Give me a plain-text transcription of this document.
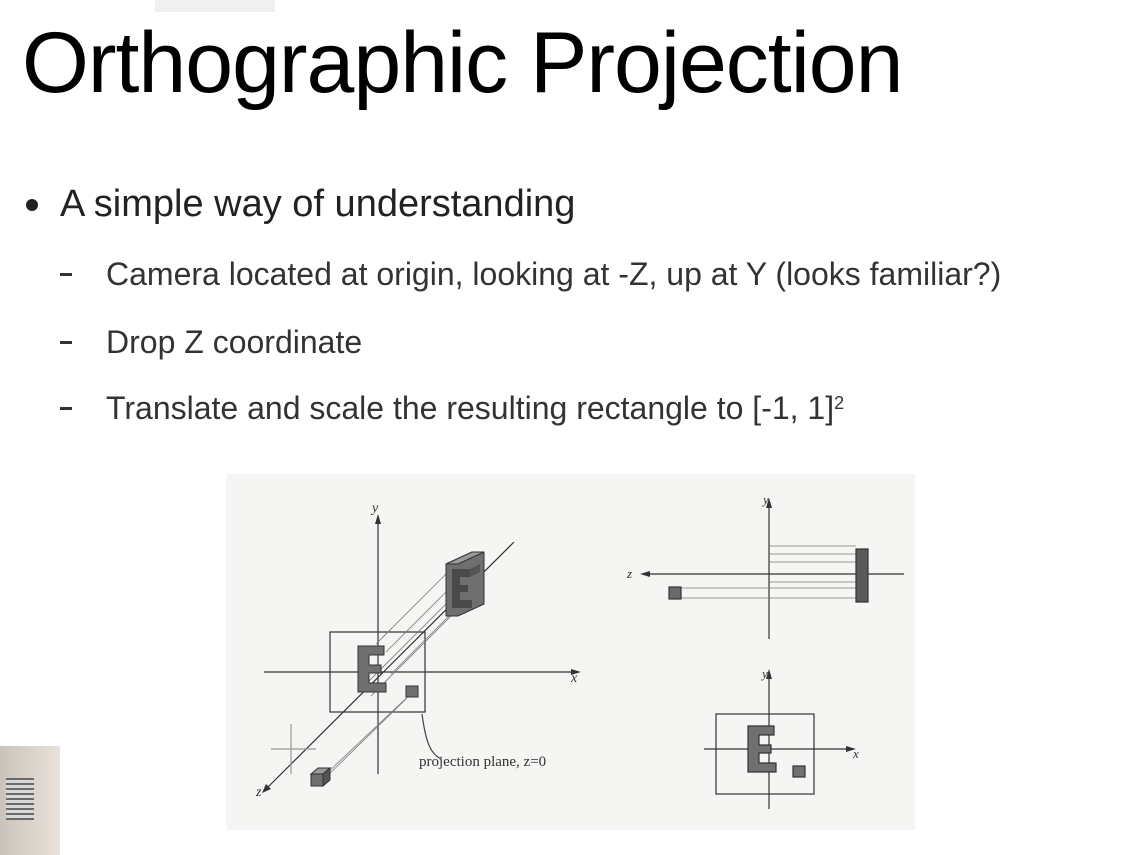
Orthographic Projection
A simple way of understanding
Camera located at origin, looking at -Z, up at Y (looks familiar?)
Drop Z coordinate
Translate and scale the resulting rectangle to [-1, 1]$^2$
y
x
z
projection plane, z=0
y
z
y
x
